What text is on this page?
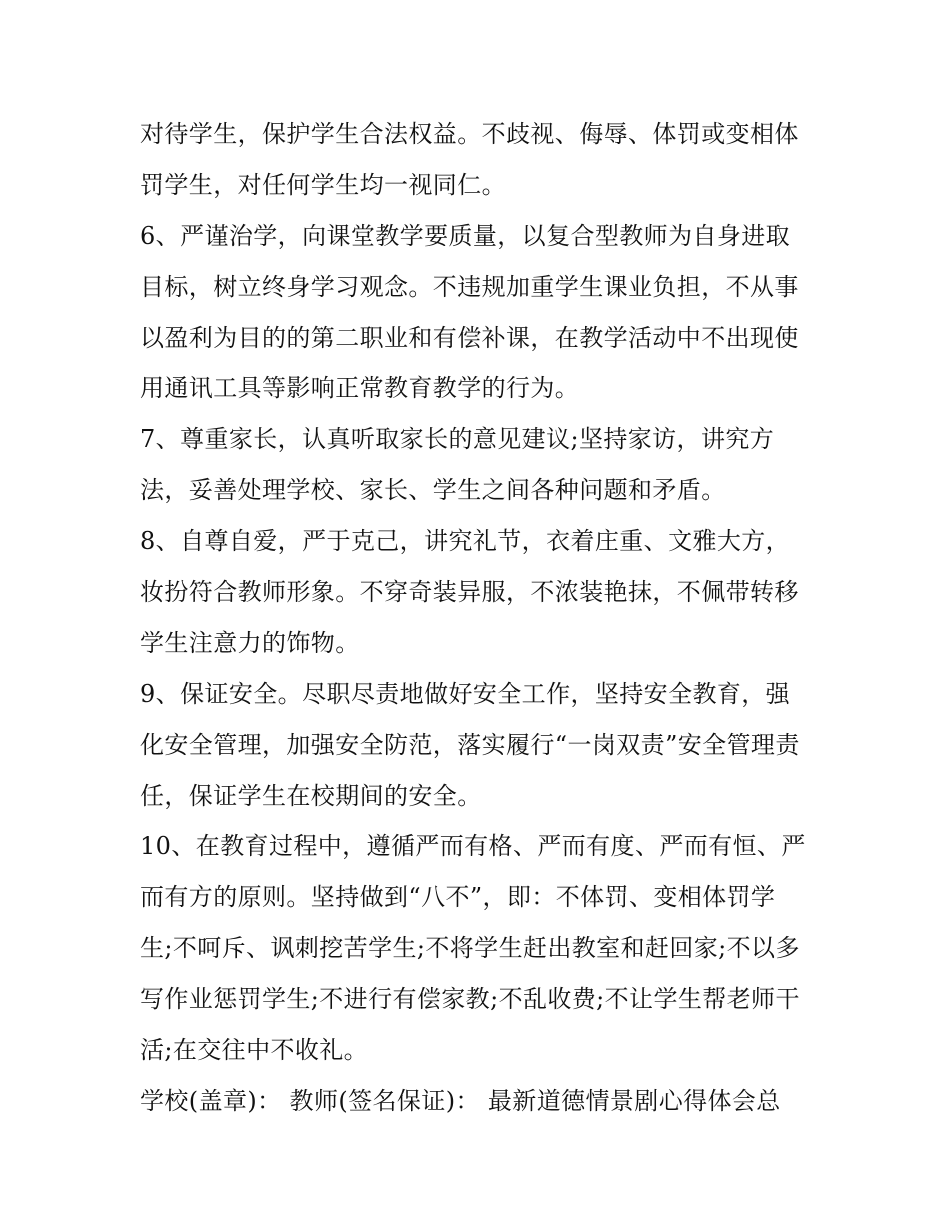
对待学生，保护学生合法权益。不歧视、侮辱、体罚或变相体
罚学生，对任何学生均一视同仁。
6、严谨治学，向课堂教学要质量，以复合型教师为自身进取
目标，树立终身学习观念。不违规加重学生课业负担，不从事
以盈利为目的的第二职业和有偿补课，在教学活动中不出现使
用通讯工具等影响正常教育教学的行为。
7、尊重家长，认真听取家长的意见建议;坚持家访，讲究方
法，妥善处理学校、家长、学生之间各种问题和矛盾。
8、自尊自爱，严于克己，讲究礼节，衣着庄重、文雅大方，
妆扮符合教师形象。不穿奇装异服，不浓装艳抹，不佩带转移
学生注意力的饰物。
9、保证安全。尽职尽责地做好安全工作，坚持安全教育，强
化安全管理，加强安全防范，落实履行“一岗双责”安全管理责
任，保证学生在校期间的安全。
10、在教育过程中，遵循严而有格、严而有度、严而有恒、严
而有方的原则。坚持做到“八不”，即：不体罚、变相体罚学
生;不呵斥、讽刺挖苦学生;不将学生赶出教室和赶回家;不以多
写作业惩罚学生;不进行有偿家教;不乱收费;不让学生帮老师干
活;在交往中不收礼。
学校(盖章)： 教师(签名保证)： 最新道德情景剧心得体会总
